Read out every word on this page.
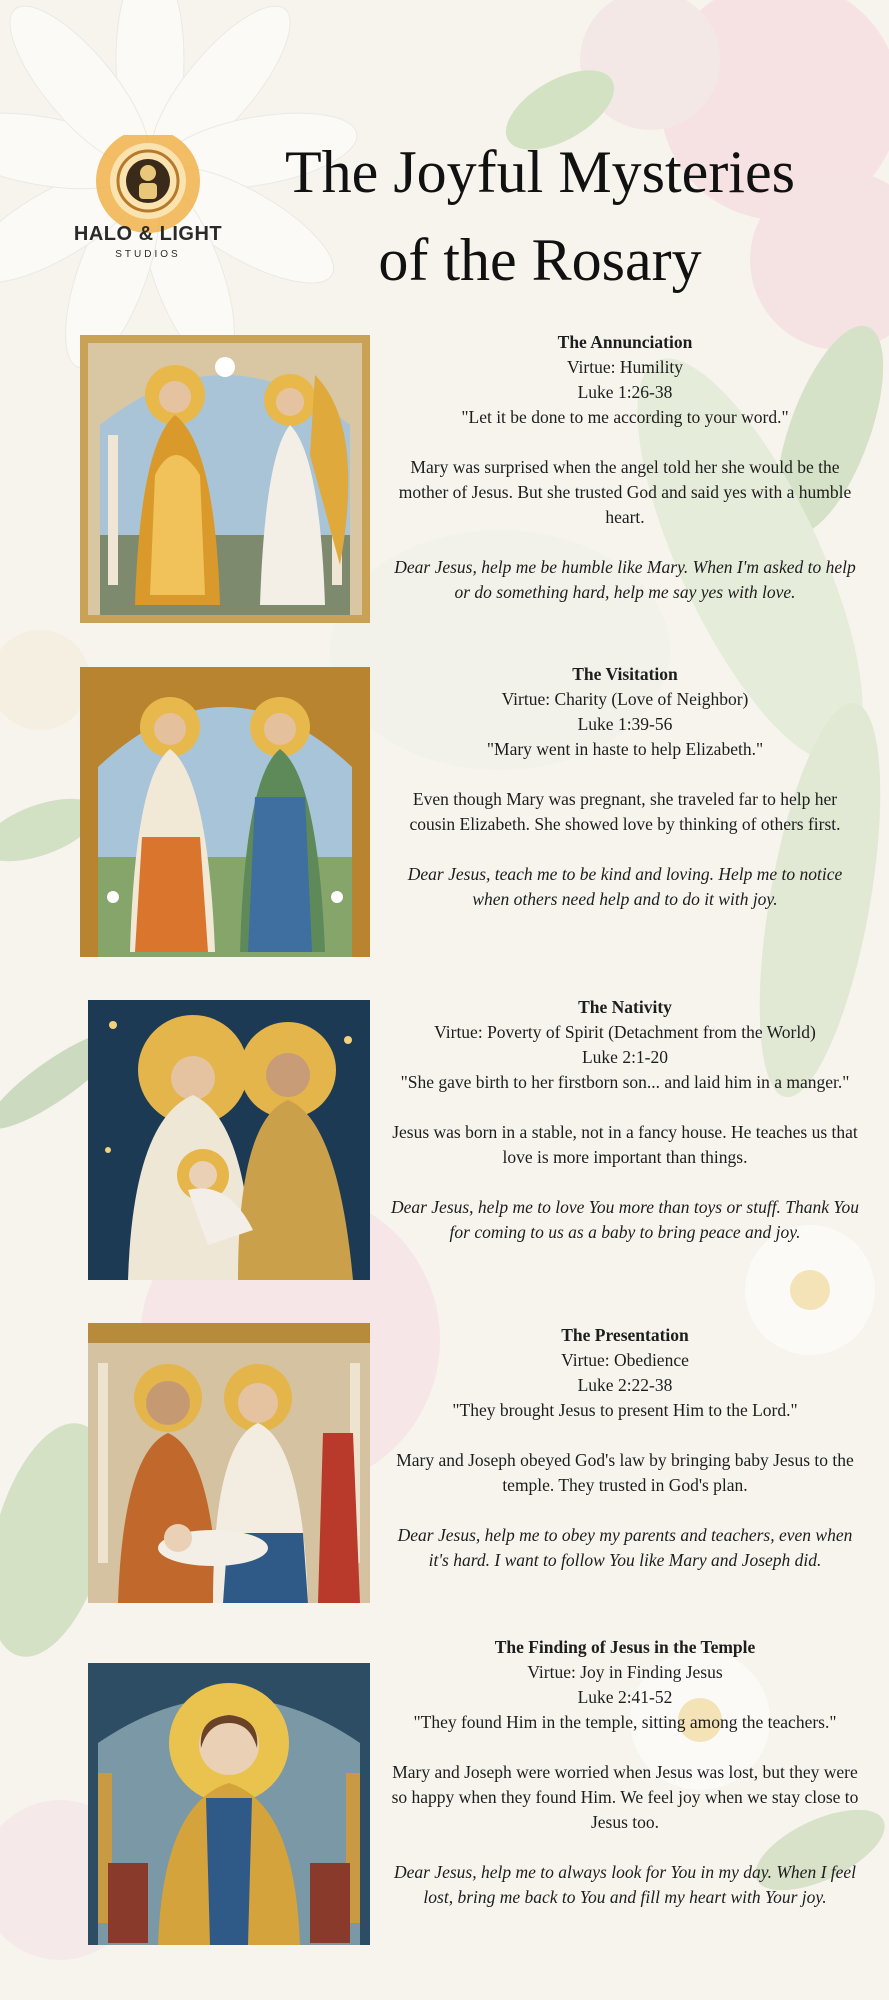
HALO & LIGHT
STUDIOS
The Joyful Mysteries
of the Rosary
The Annunciation
Virtue: Humility
Luke 1:26-38
"Let it be done to me according to your word."
Mary was surprised when the angel told her she would be the mother of Jesus. But she trusted God and said yes with a humble heart.
Dear Jesus, help me be humble like Mary. When I'm asked to help or do something hard, help me say yes with love.
The Visitation
Virtue: Charity (Love of Neighbor)
Luke 1:39-56
"Mary went in haste to help Elizabeth."
Even though Mary was pregnant, she traveled far to help her cousin Elizabeth. She showed love by thinking of others first.
Dear Jesus, teach me to be kind and loving. Help me to notice when others need help and to do it with joy.
The Nativity
Virtue: Poverty of Spirit (Detachment from the World)
Luke 2:1-20
"She gave birth to her firstborn son... and laid him in a manger."
Jesus was born in a stable, not in a fancy house. He teaches us that love is more important than things.
Dear Jesus, help me to love You more than toys or stuff. Thank You for coming to us as a baby to bring peace and joy.
The Presentation
Virtue: Obedience
Luke 2:22-38
"They brought Jesus to present Him to the Lord."
Mary and Joseph obeyed God's law by bringing baby Jesus to the temple. They trusted in God's plan.
Dear Jesus, help me to obey my parents and teachers, even when it's hard. I want to follow You like Mary and Joseph did.
The Finding of Jesus in the Temple
Virtue: Joy in Finding Jesus
Luke 2:41-52
"They found Him in the temple, sitting among the teachers."
Mary and Joseph were worried when Jesus was lost, but they were so happy when they found Him. We feel joy when we stay close to Jesus too.
Dear Jesus, help me to always look for You in my day. When I feel lost, bring me back to You and fill my heart with Your joy.
